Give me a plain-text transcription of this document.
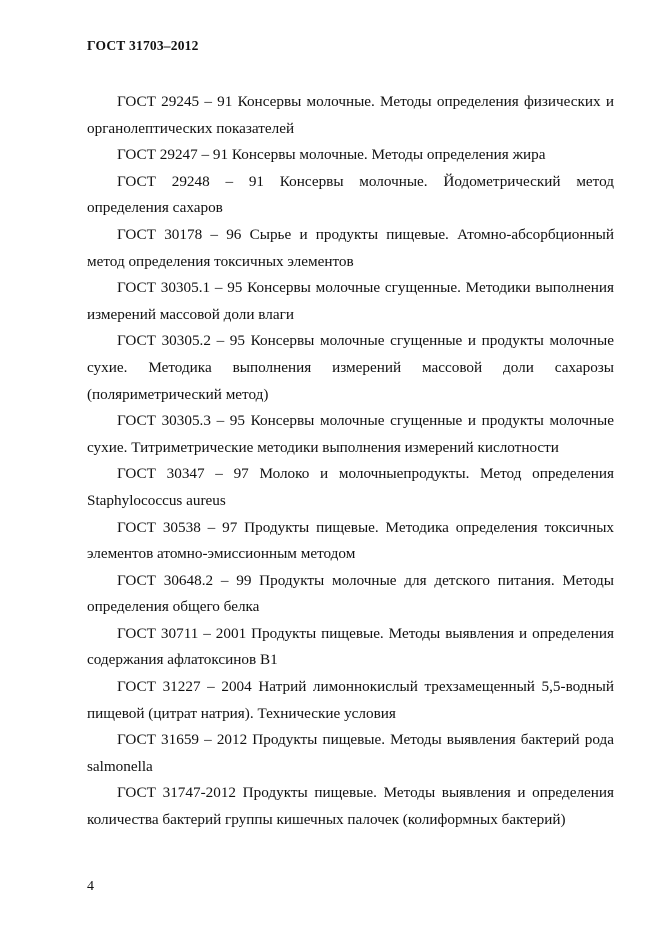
ГОСТ 31703–2012

ГОСТ 29245 – 91 Консервы молочные. Методы определения физических и органолептических показателей

ГОСТ 29247 – 91 Консервы молочные. Методы определения жира

ГОСТ 29248 – 91 Консервы молочные. Йодометрический метод определения сахаров

ГОСТ 30178 – 96 Сырье и продукты пищевые. Атомно-абсорбционный метод определения токсичных элементов

ГОСТ 30305.1 – 95 Консервы молочные сгущенные. Методики выполнения измерений массовой доли влаги

ГОСТ 30305.2 – 95 Консервы молочные сгущенные и продукты молочные сухие. Методика выполнения измерений массовой доли сахарозы (поляриметрический метод)

ГОСТ 30305.3 – 95 Консервы молочные сгущенные и продукты молочные сухие. Титриметрические методики выполнения измерений кислотности

ГОСТ 30347 – 97 Молоко и молочныепродукты. Метод определения Staphylococcus aureus

ГОСТ 30538 – 97 Продукты пищевые. Методика определения токсичных элементов атомно-эмиссионным методом

ГОСТ 30648.2 – 99 Продукты молочные для детского питания. Методы определения общего белка

ГОСТ 30711 – 2001 Продукты пищевые. Методы выявления и определения содержания афлатоксинов B1

ГОСТ 31227 – 2004 Натрий лимоннокислый трехзамещенный 5,5-водный пищевой (цитрат натрия). Технические условия

ГОСТ 31659 – 2012 Продукты пищевые. Методы выявления бактерий рода salmonella

ГОСТ 31747-2012 Продукты пищевые. Методы выявления и определения количества бактерий группы кишечных палочек (колиформных бактерий)

4
